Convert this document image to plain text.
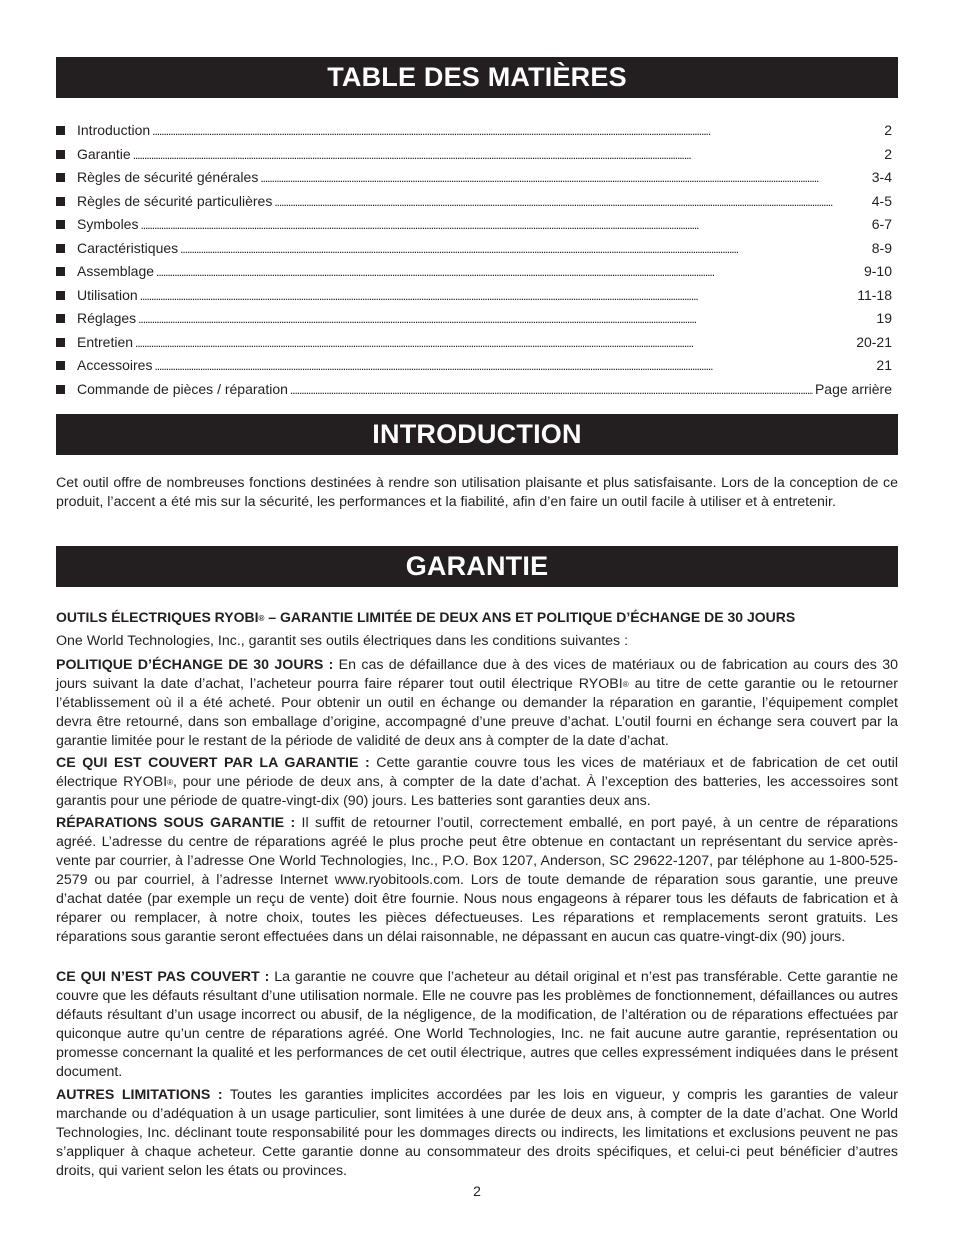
TABLE DES MATIÈRES
Introduction . . .	2
Garantie . . .	2
Règles de sécurité générales . . .	3-4
Règles de sécurité particulières . . .	4-5
Symboles . . .	6-7
Caractéristiques . . .	8-9
Assemblage . . .	9-10
Utilisation . . .	11-18
Réglages . . .	19
Entretien . . .	20-21
Accessoires . . .	21
Commande de pièces / réparation . . .	Page arrière
INTRODUCTION

Cet outil offre de nombreuses fonctions destinées à rendre son utilisation plaisante et plus satisfaisante. Lors de la conception de ce produit, l’accent a été mis sur la sécurité, les performances et la fiabilité, afin d’en faire un outil facile à utiliser et à entretenir.

GARANTIE

OUTILS ÉLECTRIQUES RYOBI® – GARANTIE LIMITÉE DE DEUX ANS ET POLITIQUE D’ÉCHANGE DE 30 JOURS

One World Technologies, Inc., garantit ses outils électriques dans les conditions suivantes :

POLITIQUE D’ÉCHANGE DE 30 JOURS : En cas de défaillance due à des vices de matériaux ou de fabrication au cours des 30 jours suivant la date d’achat, l’acheteur pourra faire réparer tout outil électrique RYOBI® au titre de cette garantie ou le retourner l’établissement où il a été acheté. Pour obtenir un outil en échange ou demander la réparation en garantie, l’équipement complet devra être retourné, dans son emballage d’origine, accompagné d’une preuve d’achat. L’outil fourni en échange sera couvert par la garantie limitée pour le restant de la période de validité de deux ans à compter de la date d’achat.

CE QUI EST COUVERT PAR LA GARANTIE : Cette garantie couvre tous les vices de matériaux et de fabrication de cet outil électrique RYOBI®, pour une période de deux ans, à compter de la date d’achat. À l’exception des batteries, les accessoires sont garantis pour une période de quatre-vingt-dix (90) jours. Les batteries sont garanties deux ans.

RÉPARATIONS SOUS GARANTIE : Il suffit de retourner l’outil, correctement emballé, en port payé, à un centre de réparations agréé. L’adresse du centre de réparations agréé le plus proche peut être obtenue en contactant un représentant du service après-vente par courrier, à l’adresse One World Technologies, Inc., P.O. Box 1207, Anderson, SC 29622-1207, par téléphone au 1-800-525-2579 ou par courriel, à l’adresse Internet www.ryobitools.com. Lors de toute demande de réparation sous garantie, une preuve d’achat datée (par exemple un reçu de vente) doit être fournie. Nous nous engageons à réparer tous les défauts de fabrication et à réparer ou remplacer, à notre choix, toutes les pièces défectueuses. Les réparations et remplacements seront gratuits. Les réparations sous garantie seront effectuées dans un délai raisonnable, ne dépassant en aucun cas quatre-vingt-dix (90) jours.

CE QUI N’EST PAS COUVERT : La garantie ne couvre que l’acheteur au détail original et n’est pas transférable. Cette garantie ne couvre que les défauts résultant d’une utilisation normale. Elle ne couvre pas les problèmes de fonctionnement, défaillances ou autres défauts résultant d’un usage incorrect ou abusif, de la négligence, de la modification, de l’altération ou de réparations effectuées par quiconque autre qu’un centre de réparations agréé. One World Technologies, Inc. ne fait aucune autre garantie, représentation ou promesse concernant la qualité et les performances de cet outil électrique, autres que celles expressément indiquées dans le présent document.

AUTRES LIMITATIONS : Toutes les garanties implicites accordées par les lois en vigueur, y compris les garanties de valeur marchande ou d’adéquation à un usage particulier, sont limitées à une durée de deux ans, à compter de la date d’achat. One World Technologies, Inc. déclinant toute responsabilité pour les dommages directs ou indirects, les limitations et exclusions peuvent ne pas s’appliquer à chaque acheteur. Cette garantie donne au consommateur des droits spécifiques, et celui-ci peut bénéficier d’autres droits, qui varient selon les états ou provinces.

2
